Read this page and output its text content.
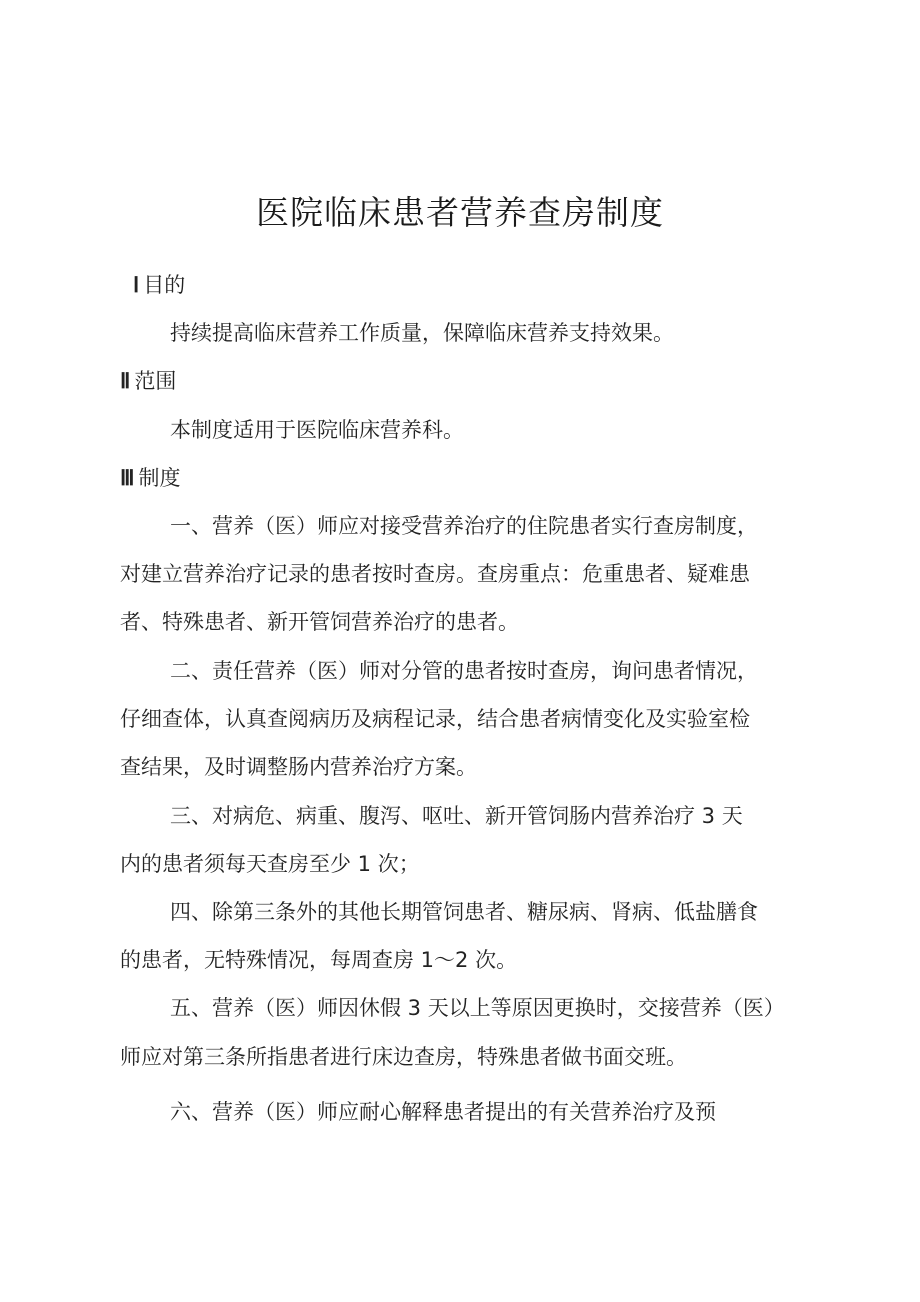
医院临床患者营养查房制度
Ⅰ 目的
持续提高临床营养工作质量，保障临床营养支持效果。
Ⅱ 范围
本制度适用于医院临床营养科。
Ⅲ 制度
一、营养（医）师应对接受营养治疗的住院患者实行查房制度，
对建立营养治疗记录的患者按时查房。查房重点：危重患者、疑难患
者、特殊患者、新开管饲营养治疗的患者。
二、责任营养（医）师对分管的患者按时查房，询问患者情况，
仔细查体，认真查阅病历及病程记录，结合患者病情变化及实验室检
查结果，及时调整肠内营养治疗方案。
三、对病危、病重、腹泻、呕吐、新开管饲肠内营养治疗 3 天
内的患者须每天查房至少 1 次；
四、除第三条外的其他长期管饲患者、糖尿病、肾病、低盐膳食
的患者，无特殊情况，每周查房 1～2 次。
五、营养（医）师因休假 3 天以上等原因更换时，交接营养（医）
师应对第三条所指患者进行床边查房，特殊患者做书面交班。
六、营养（医）师应耐心解释患者提出的有关营养治疗及预
